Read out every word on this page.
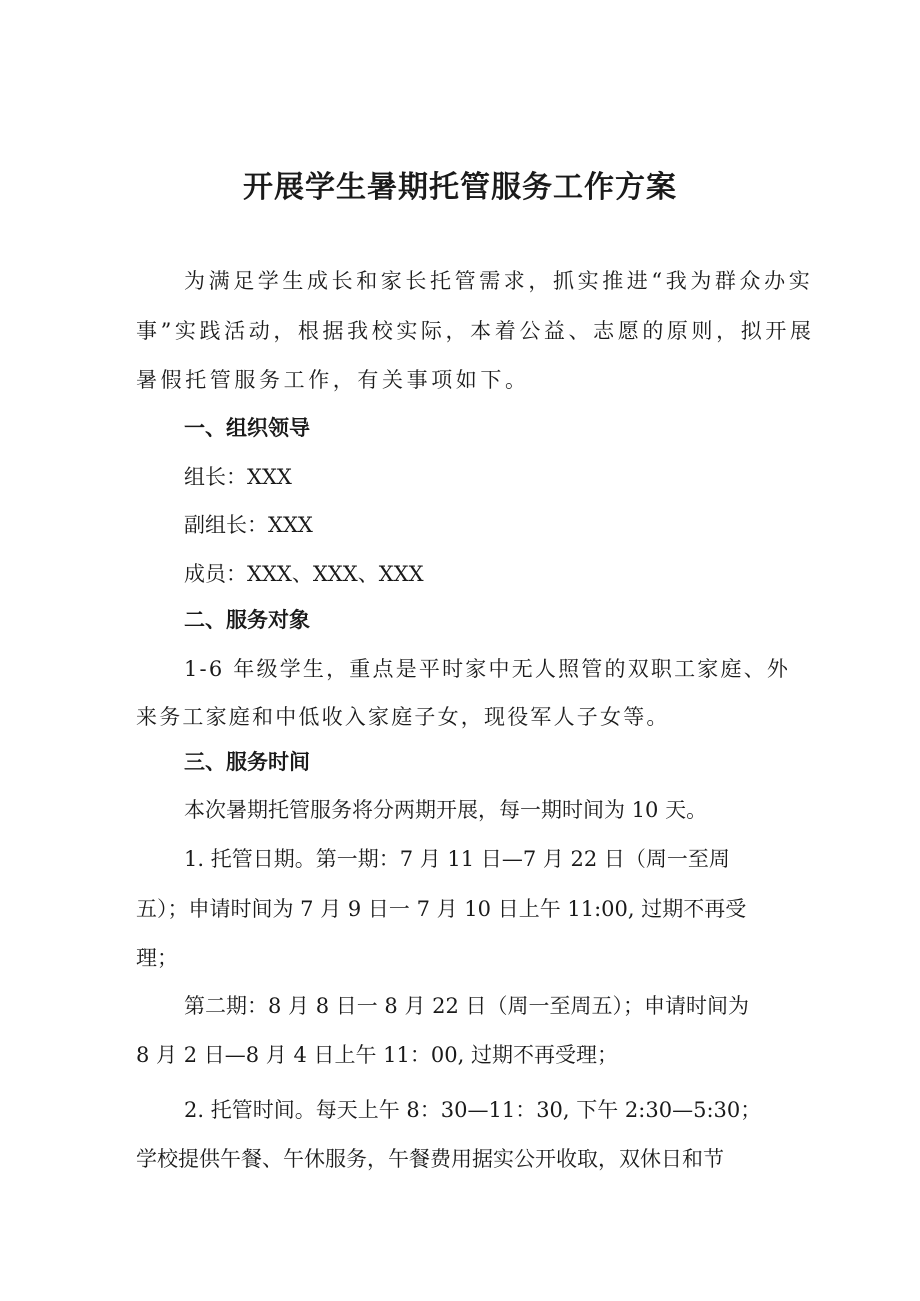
开展学生暑期托管服务工作方案
为满足学生成长和家长托管需求，抓实推进“我为群众办实
事”实践活动，根据我校实际，本着公益、志愿的原则，拟开展
暑假托管服务工作，有关事项如下。
一、组织领导
组长：XXX
副组长：XXX
成员：XXX、XXX、XXX
二、服务对象
1-6 年级学生，重点是平时家中无人照管的双职工家庭、外
来务工家庭和中低收入家庭子女，现役军人子女等。
三、服务时间
本次暑期托管服务将分两期开展，每一期时间为 10 天。
1. 托管日期。第一期：7 月 11 日—7 月 22 日（周一至周
五）；申请时间为 7 月 9 日一 7 月 10 日上午 11:00, 过期不再受
理；
第二期：8 月 8 日一 8 月 22 日（周一至周五）；申请时间为
8 月 2 日—8 月 4 日上午 11：00, 过期不再受理；
2. 托管时间。每天上午 8：30—11：30, 下午 2:30—5:30；
学校提供午餐、午休服务，午餐费用据实公开收取，双休日和节
